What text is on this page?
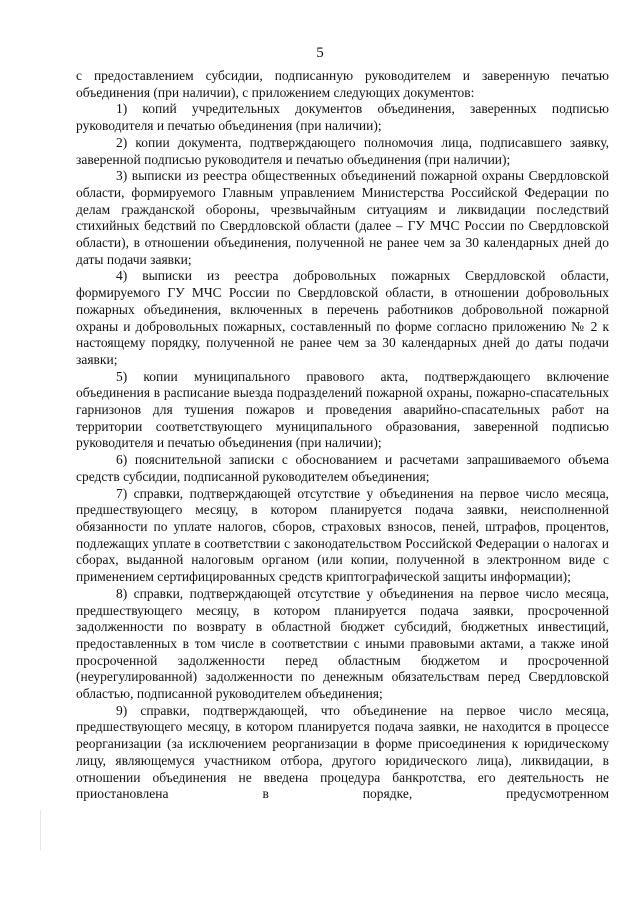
5

с предоставлением субсидии, подписанную руководителем и заверенную печатью объединения (при наличии), с приложением следующих документов:

1) копий учредительных документов объединения, заверенных подписью руководителя и печатью объединения (при наличии);

2) копии документа, подтверждающего полномочия лица, подписавшего заявку, заверенной подписью руководителя и печатью объединения (при наличии);

3) выписки из реестра общественных объединений пожарной охраны Свердловской области, формируемого Главным управлением Министерства Российской Федерации по делам гражданской обороны, чрезвычайным ситуациям и ликвидации последствий стихийных бедствий по Свердловской области (далее – ГУ МЧС России по Свердловской области), в отношении объединения, полученной не ранее чем за 30 календарных дней до даты подачи заявки;

4) выписки из реестра добровольных пожарных Свердловской области, формируемого ГУ МЧС России по Свердловской области, в отношении добровольных пожарных объединения, включенных в перечень работников добровольной пожарной охраны и добровольных пожарных, составленный по форме согласно приложению № 2 к настоящему порядку, полученной не ранее чем за 30 календарных дней до даты подачи заявки;

5) копии муниципального правового акта, подтверждающего включение объединения в расписание выезда подразделений пожарной охраны, пожарно-спасательных гарнизонов для тушения пожаров и проведения аварийно-спасательных работ на территории соответствующего муниципального образования, заверенной подписью руководителя и печатью объединения (при наличии);

6) пояснительной записки с обоснованием и расчетами запрашиваемого объема средств субсидии, подписанной руководителем объединения;

7) справки, подтверждающей отсутствие у объединения на первое число месяца, предшествующего месяцу, в котором планируется подача заявки, неисполненной обязанности по уплате налогов, сборов, страховых взносов, пеней, штрафов, процентов, подлежащих уплате в соответствии с законодательством Российской Федерации о налогах и сборах, выданной налоговым органом (или копии, полученной в электронном виде с применением сертифицированных средств криптографической защиты информации);

8) справки, подтверждающей отсутствие у объединения на первое число месяца, предшествующего месяцу, в котором планируется подача заявки, просроченной задолженности по возврату в областной бюджет субсидий, бюджетных инвестиций, предоставленных в том числе в соответствии с иными правовыми актами, а также иной просроченной задолженности перед областным бюджетом и просроченной (неурегулированной) задолженности по денежным обязательствам перед Свердловской областью, подписанной руководителем объединения;

9) справки, подтверждающей, что объединение на первое число месяца, предшествующего месяцу, в котором планируется подача заявки, не находится в процессе реорганизации (за исключением реорганизации в форме присоединения к юридическому лицу, являющемуся участником отбора, другого юридического лица), ликвидации, в отношении объединения не введена процедура банкротства, его деятельность не приостановлена в порядке, предусмотренном
